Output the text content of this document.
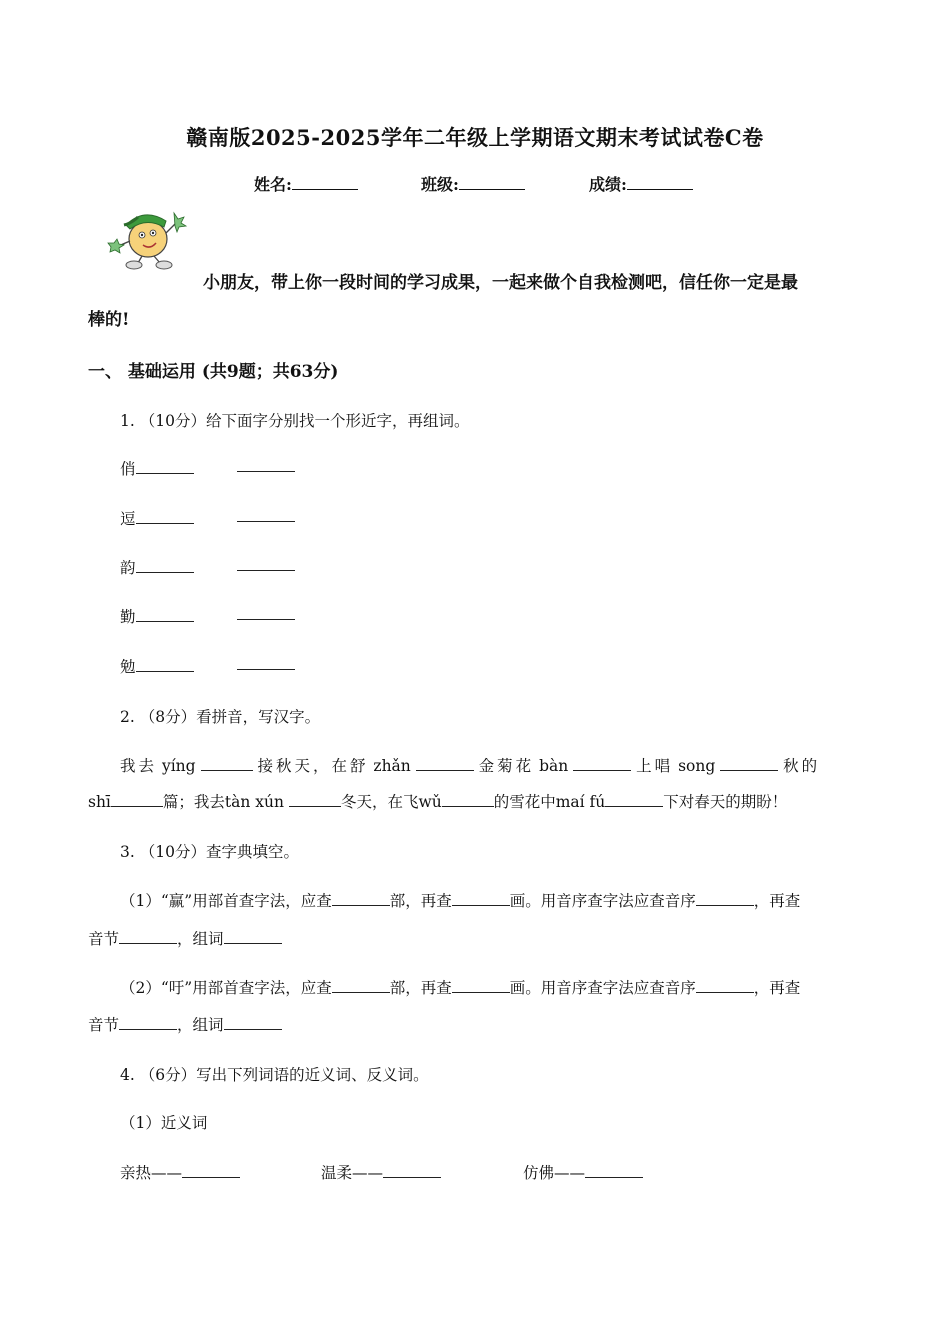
赣南版2025-2025学年二年级上学期语文期末考试试卷C卷
姓名:	班级:	成绩:
小朋友，带上你一段时间的学习成果，一起来做个自我检测吧，信任你一定是最
棒的!
一、 基础运用 (共9题；共63分)
1. （10分）给下面字分别找一个形近字，再组词。
俏
逗
韵
勤
勉
2. （8分）看拼音，写汉字。
我去 yíng	接秋天，在舒 zhǎn	金菊花 bàn	上唱 song	秋的
shī	篇；我去tàn xún	冬天，在飞wǔ	的雪花中maí fú	下对春天的期盼！
3. （10分）查字典填空。
（1）“赢”用部首查字法，应查	部，再查	画。用音序查字法应查音序	，再查
音节	，组词
（2）“吁”用部首查字法，应查	部，再查	画。用音序查字法应查音序	，再查
音节	，组词
4. （6分）写出下列词语的近义词、反义词。
（1）近义词
亲热——	温柔——	仿佛——
